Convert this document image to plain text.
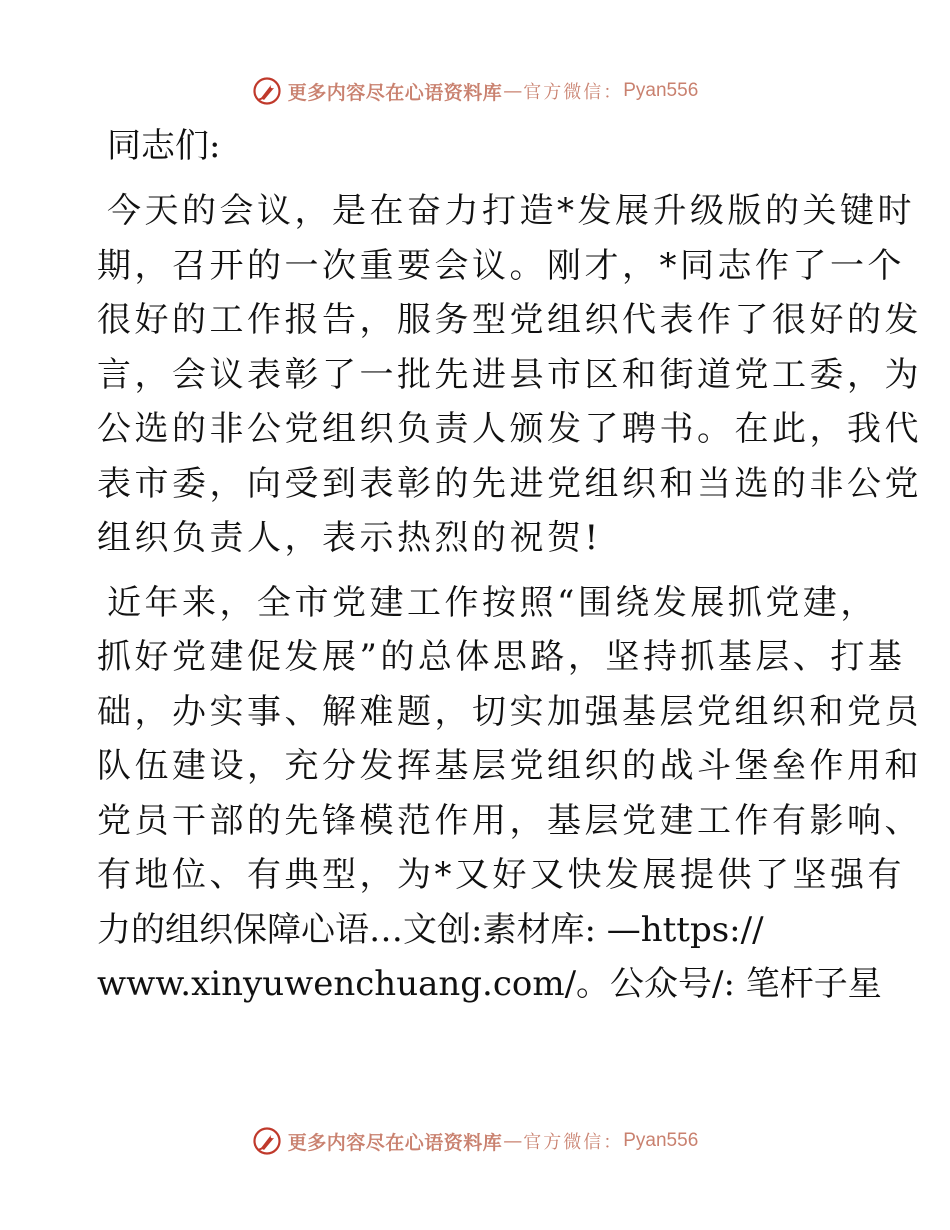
更多内容尽在心语资料库 — 官方微信： Pyan556
同志们:
今天的会议，是在奋力打造*发展升级版的关键时
期，召开的一次重要会议。刚才，*同志作了一个
很好的工作报告，服务型党组织代表作了很好的发
言，会议表彰了一批先进县市区和街道党工委，为
公选的非公党组织负责人颁发了聘书。在此，我代
表市委，向受到表彰的先进党组织和当选的非公党
组织负责人，表示热烈的祝贺!
近年来，全市党建工作按照“围绕发展抓党建，
抓好党建促发展”的总体思路，坚持抓基层、打基
础，办实事、解难题，切实加强基层党组织和党员
队伍建设，充分发挥基层党组织的战斗堡垒作用和
党员干部的先锋模范作用，基层党建工作有影响、
有地位、有典型，为*又好又快发展提供了坚强有
力的组织保障心语…文创:素材库: —https://
www.xinyuwenchuang.com/。公众号/: 笔杆子星
更多内容尽在心语资料库 — 官方微信： Pyan556
